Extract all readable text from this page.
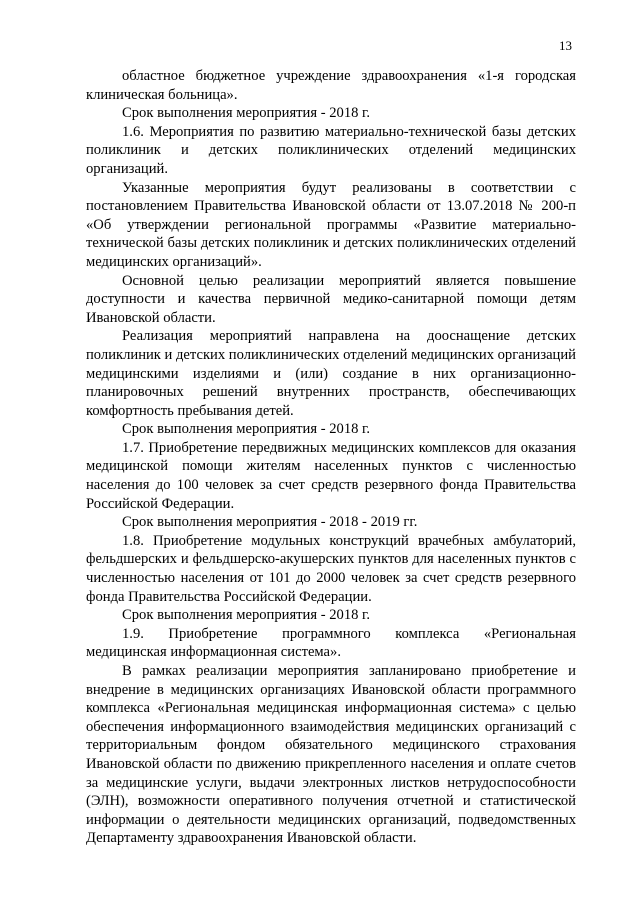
13

областное бюджетное учреждение здравоохранения «1-я городская клиническая больница».

Срок выполнения мероприятия - 2018 г.

1.6. Мероприятия по развитию материально-технической базы детских поликлиник и детских поликлинических отделений медицинских организаций.

Указанные мероприятия будут реализованы в соответствии с постановлением Правительства Ивановской области от 13.07.2018 № 200-п «Об утверждении региональной программы «Развитие материально-технической базы детских поликлиник и детских поликлинических отделений медицинских организаций».

Основной целью реализации мероприятий является повышение доступности и качества первичной медико-санитарной помощи детям Ивановской области.

Реализация мероприятий направлена на дооснащение детских поликлиник и детских поликлинических отделений медицинских организаций медицинскими изделиями и (или) создание в них организационно-планировочных решений внутренних пространств, обеспечивающих комфортность пребывания детей.

Срок выполнения мероприятия - 2018 г.

1.7. Приобретение передвижных медицинских комплексов для оказания медицинской помощи жителям населенных пунктов с численностью населения до 100 человек за счет средств резервного фонда Правительства Российской Федерации.

Срок выполнения мероприятия - 2018 - 2019 гг.

1.8. Приобретение модульных конструкций врачебных амбулаторий, фельдшерских и фельдшерско-акушерских пунктов для населенных пунктов с численностью населения от 101 до 2000 человек за счет средств резервного фонда Правительства Российской Федерации.

Срок выполнения мероприятия - 2018 г.

1.9. Приобретение программного комплекса «Региональная медицинская информационная система».

В рамках реализации мероприятия запланировано приобретение и внедрение в медицинских организациях Ивановской области программного комплекса «Региональная медицинская информационная система» с целью обеспечения информационного взаимодействия медицинских организаций с территориальным фондом обязательного медицинского страхования Ивановской области по движению прикрепленного населения и оплате счетов за медицинские услуги, выдачи электронных листков нетрудоспособности (ЭЛН), возможности оперативного получения отчетной и статистической информации о деятельности медицинских организаций, подведомственных Департаменту здравоохранения Ивановской области.
